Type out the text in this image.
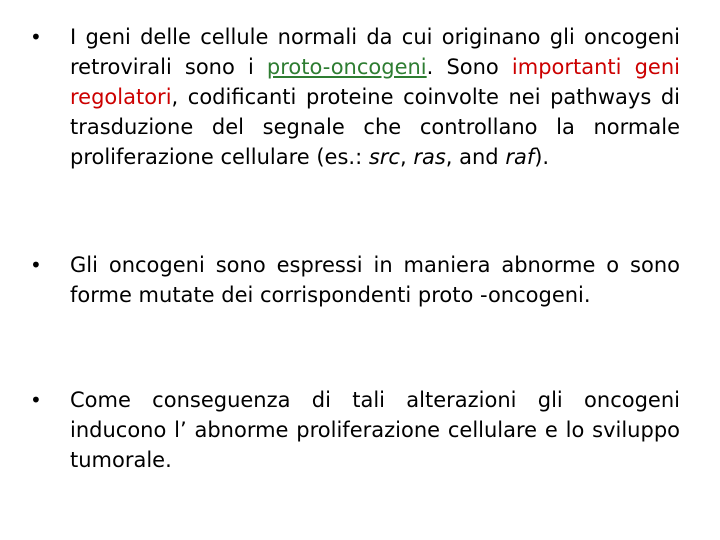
• I geni delle cellule normali da cui originano gli oncogeni retrovirali sono i proto-oncogeni. Sono importanti geni regolatori, codificanti proteine coinvolte nei pathways di trasduzione del segnale che controllano la normale proliferazione cellulare (es.: src, ras, and raf).
• Gli oncogeni sono espressi in maniera abnorme o sono forme mutate dei corrispondenti proto -oncogeni.
• Come conseguenza di tali alterazioni gli oncogeni inducono l’ abnorme proliferazione cellulare e lo sviluppo tumorale.
